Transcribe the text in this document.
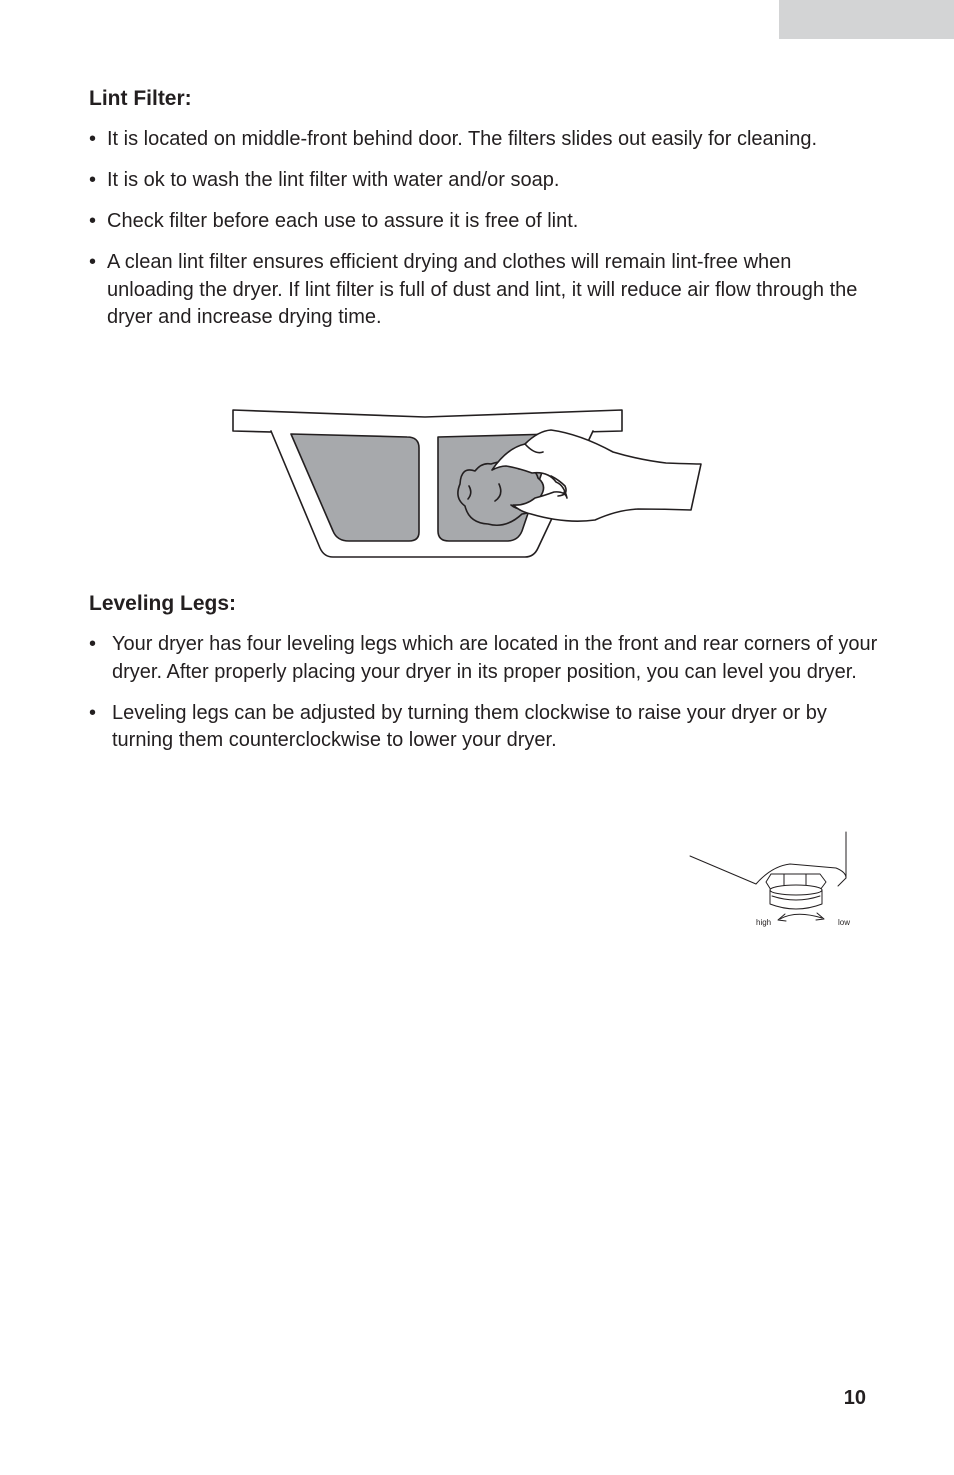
Lint Filter:
• It is located on middle-front behind door. The filters slides out easily for cleaning.
• It is ok to wash the lint filter with water and/or soap.
• Check filter before each use to assure it is free of lint.
• A clean lint filter ensures efficient drying and clothes will remain lint-free when unloading the dryer. If lint filter is full of dust and lint, it will reduce air flow through the dryer and increase drying time.
Leveling Legs:
• Your dryer has four leveling legs which are located in the front and rear corners of your dryer. After properly placing your dryer in its proper position, you can level you dryer.
• Leveling legs can be adjusted by turning them clockwise to raise your dryer or by turning them counterclockwise to lower your dryer.
high	low
10
